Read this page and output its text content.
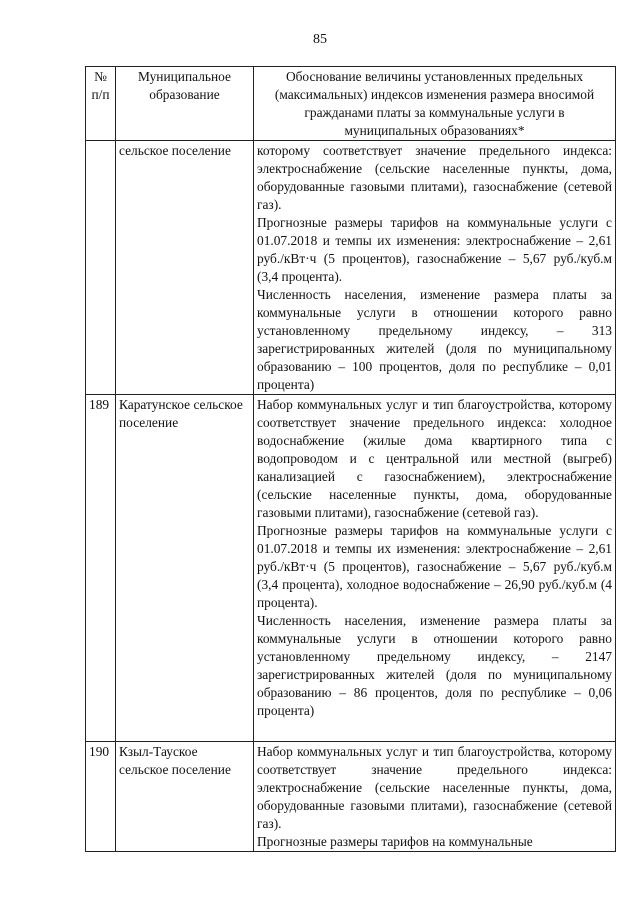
85
№ п/п	Муниципальное образование	Обоснование величины установленных предельных (максимальных) индексов изменения размера вносимой гражданами платы за коммунальные услуги в муниципальных образованиях*
	сельское поселение	которому соответствует значение предельного индекса: электроснабжение (сельские населенные пункты, дома, оборудованные газовыми плитами), газоснабжение (сетевой газ).

Прогнозные размеры тарифов на коммунальные услуги с 01.07.2018 и темпы их изменения: электроснабжение – 2,61 руб./кВт·ч (5 процентов), газоснабжение – 5,67 руб./куб.м (3,4 процента).

Численность населения, изменение размера платы за коммунальные услуги в отношении которого равно установленному предельному индексу, – 313 зарегистрированных жителей (доля по муниципальному образованию – 100 процентов, доля по республике – 0,01 процента)

189	Каратунское сельское поселение	Набор коммунальных услуг и тип благоустройства, которому соответствует значение предельного индекса: холодное водоснабжение (жилые дома квартирного типа с водопроводом и с центральной или местной (выгреб) канализацией с газоснабжением), электроснабжение (сельские населенные пункты, дома, оборудованные газовыми плитами), газоснабжение (сетевой газ).

Прогнозные размеры тарифов на коммунальные услуги с 01.07.2018 и темпы их изменения: электроснабжение – 2,61 руб./кВт·ч (5 процентов), газоснабжение – 5,67 руб./куб.м (3,4 процента), холодное водоснабжение – 26,90 руб./куб.м (4 процента).

Численность населения, изменение размера платы за коммунальные услуги в отношении которого равно установленному предельному индексу, – 2147 зарегистрированных жителей (доля по муниципальному образованию – 86 процентов, доля по республике – 0,06 процента)

190	Кзыл-Тауское сельское поселение	Набор коммунальных услуг и тип благоустройства, которому соответствует значение предельного индекса: электроснабжение (сельские населенные пункты, дома, оборудованные газовыми плитами), газоснабжение (сетевой газ).

Прогнозные размеры тарифов на коммунальные
